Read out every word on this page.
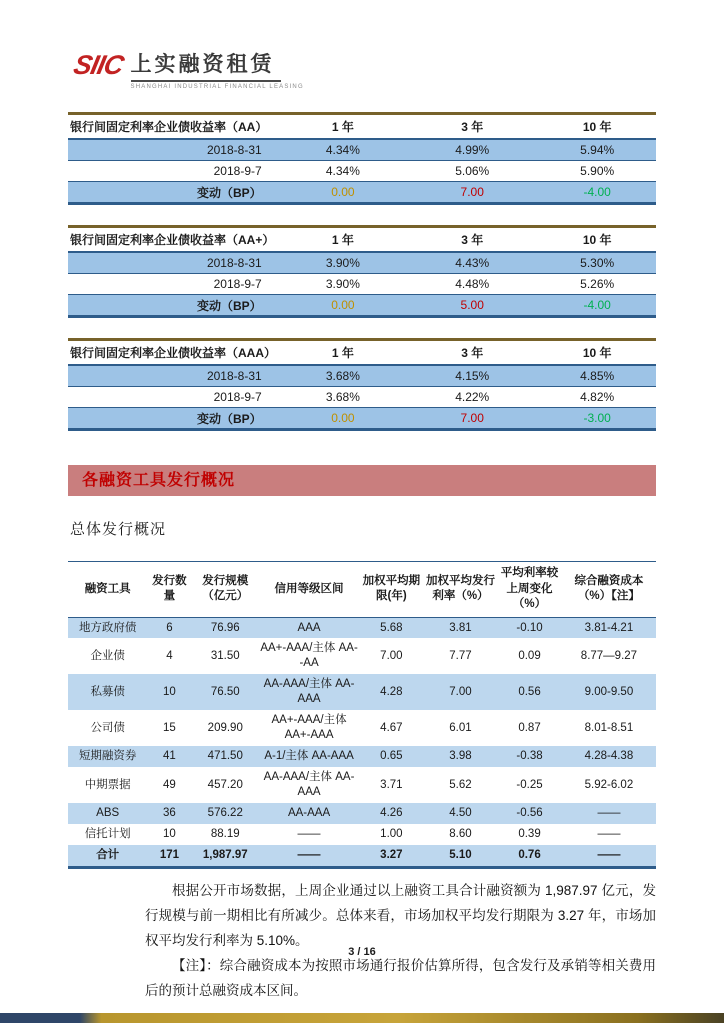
SIIC 上实融资租赁
SHANGHAI INDUSTRIAL FINANCIAL LEASING
银行间固定利率企业债收益率（AA）	1 年	3 年	10 年
2018-8-31	4.34%	4.99%	5.94%
2018-9-7	4.34%	5.06%	5.90%
变动（BP）	0.00	7.00	-4.00
银行间固定利率企业债收益率（AA+）	1 年	3 年	10 年
2018-8-31	3.90%	4.43%	5.30%
2018-9-7	3.90%	4.48%	5.26%
变动（BP）	0.00	5.00	-4.00
银行间固定利率企业债收益率（AAA）	1 年	3 年	10 年
2018-8-31	3.68%	4.15%	4.85%
2018-9-7	3.68%	4.22%	4.82%
变动（BP）	0.00	7.00	-3.00
各融资工具发行概况
总体发行概况
融资工具	发行数量	发行规模（亿元）	信用等级区间	加权平均期限(年)	加权平均发行利率（%）	平均利率较上周变化（%）	综合融资成本（%）【注】
地方政府债	6	76.96	AAA	5.68	3.81	-0.10	3.81-4.21
企业债	4	31.50	AA+-AAA/主体 AA--AA	7.00	7.77	0.09	8.77—9.27
私募债	10	76.50	AA-AAA/主体 AA-AAA	4.28	7.00	0.56	9.00-9.50
公司债	15	209.90	AA+-AAA/主体 AA+-AAA	4.67	6.01	0.87	8.01-8.51
短期融资券	41	471.50	A-1/主体 AA-AAA	0.65	3.98	-0.38	4.28-4.38
中期票据	49	457.20	AA-AAA/主体 AA-AAA	3.71	5.62	-0.25	5.92-6.02
ABS	36	576.22	AA-AAA	4.26	4.50	-0.56	——
信托计划	10	88.19	——	1.00	8.60	0.39	——
合计	171	1,987.97	——	3.27	5.10	0.76	——

根据公开市场数据，上周企业通过以上融资工具合计融资额为 1,987.97 亿元，发行规模与前一期相比有所减少。总体来看，市场加权平均发行期限为 3.27 年，市场加权平均发行利率为 5.10%。

【注】：综合融资成本为按照市场通行报价估算所得，包含发行及承销等相关费用后的预计总融资成本区间。

3 / 16
